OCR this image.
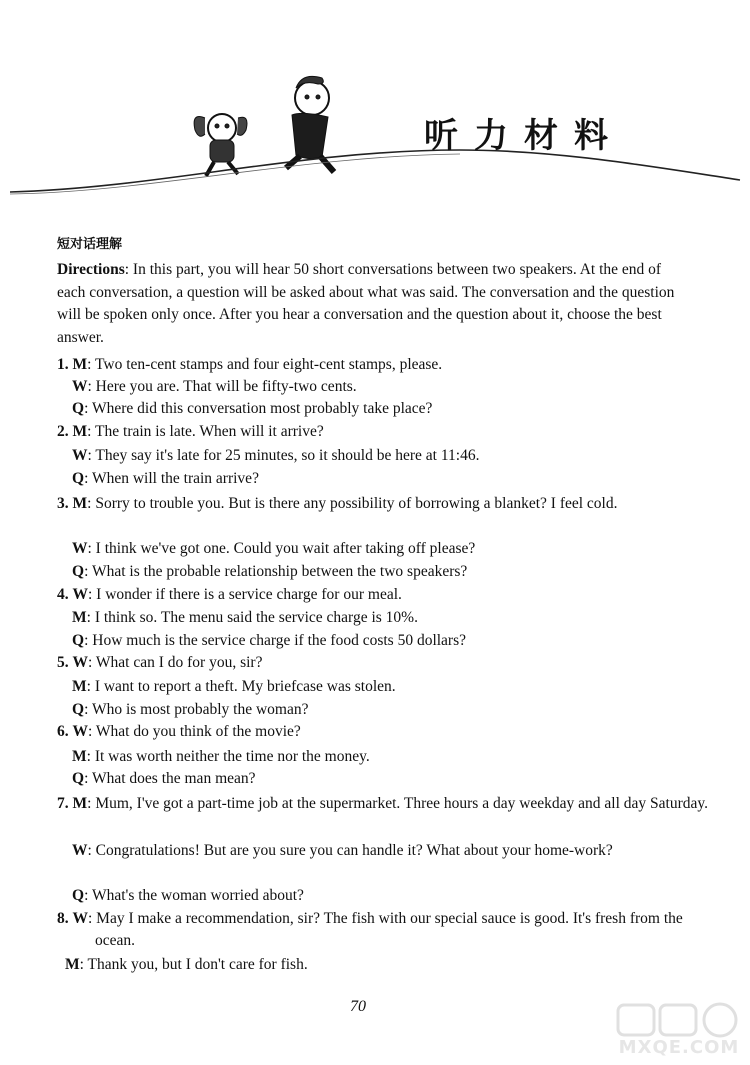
听力材料
短对话理解
Directions: In this part, you will hear 50 short conversations between two speakers. At the end of each conversation, a question will be asked about what was said. The conversation and the question will be spoken only once. After you hear a conversation and the question about it, choose the best answer.
1. M: Two ten-cent stamps and four eight-cent stamps, please.
W: Here you are. That will be fifty-two cents.
Q: Where did this conversation most probably take place?
2. M: The train is late. When will it arrive?
W: They say it's late for 25 minutes, so it should be here at 11:46.
Q: When will the train arrive?
3. M: Sorry to trouble you. But is there any possibility of borrowing a blanket? I feel cold.
W: I think we've got one. Could you wait after taking off please?
Q: What is the probable relationship between the two speakers?
4. W: I wonder if there is a service charge for our meal.
M: I think so. The menu said the service charge is 10%.
Q: How much is the service charge if the food costs 50 dollars?
5. W: What can I do for you, sir?
M: I want to report a theft. My briefcase was stolen.
Q: Who is most probably the woman?
6. W: What do you think of the movie?
M: It was worth neither the time nor the money.
Q: What does the man mean?
7. M: Mum, I've got a part-time job at the supermarket. Three hours a day weekday and all day Saturday.
W: Congratulations! But are you sure you can handle it? What about your home-work?
Q: What's the woman worried about?
8. W: May I make a recommendation, sir? The fish with our special sauce is good. It's fresh from the ocean.
M: Thank you, but I don't care for fish.
70
MXQE.COM
